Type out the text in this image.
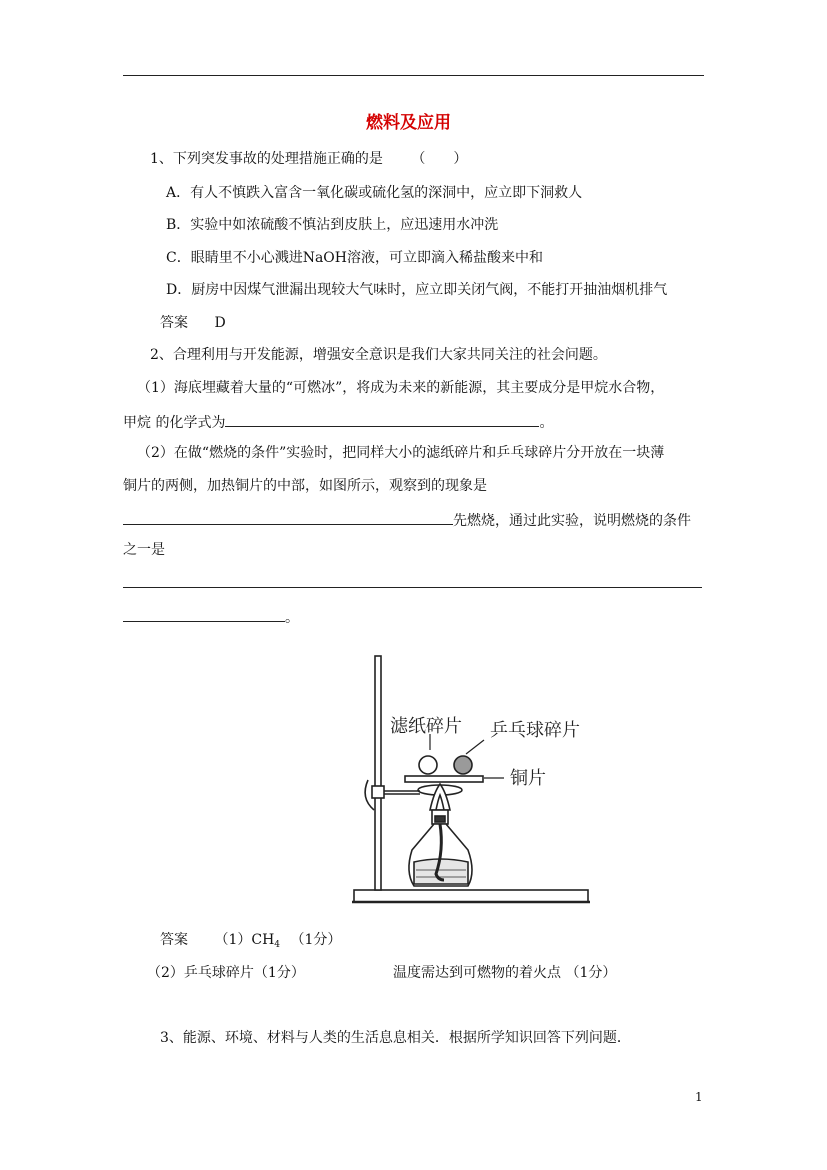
燃料及应用
1、下列突发事故的处理措施正确的是 （　　）
A．有人不慎跌入富含一氧化碳或硫化氢的深洞中，应立即下洞救人
B．实验中如浓硫酸不慎沾到皮肤上，应迅速用水冲洗
C．眼睛里不小心溅进NaOH溶液，可立即滴入稀盐酸来中和
D．厨房中因煤气泄漏出现较大气味时，应立即关闭气阀，不能打开抽油烟机排气
答案 D
2、合理利用与开发能源，增强安全意识是我们大家共同关注的社会问题。
（1）海底埋藏着大量的“可燃冰”，将成为未来的新能源，其主要成分是甲烷水合物，
甲烷 的化学式为	。
（2）在做“燃烧的条件”实验时，把同样大小的滤纸碎片和乒乓球碎片分开放在一块薄
铜片的两侧，加热铜片的中部，如图所示，观察到的现象是
先燃烧，通过此实验，说明燃烧的条件
之一是
。
滤纸碎片 乒乓球碎片
铜片
答案 $(1)CH_4$ （1分）
（2）乒乓球碎片（1分）	温度需达到可燃物的着火点 （1分）
3、能源、环境、材料与人类的生活息息相关．根据所学知识回答下列问题．
1
